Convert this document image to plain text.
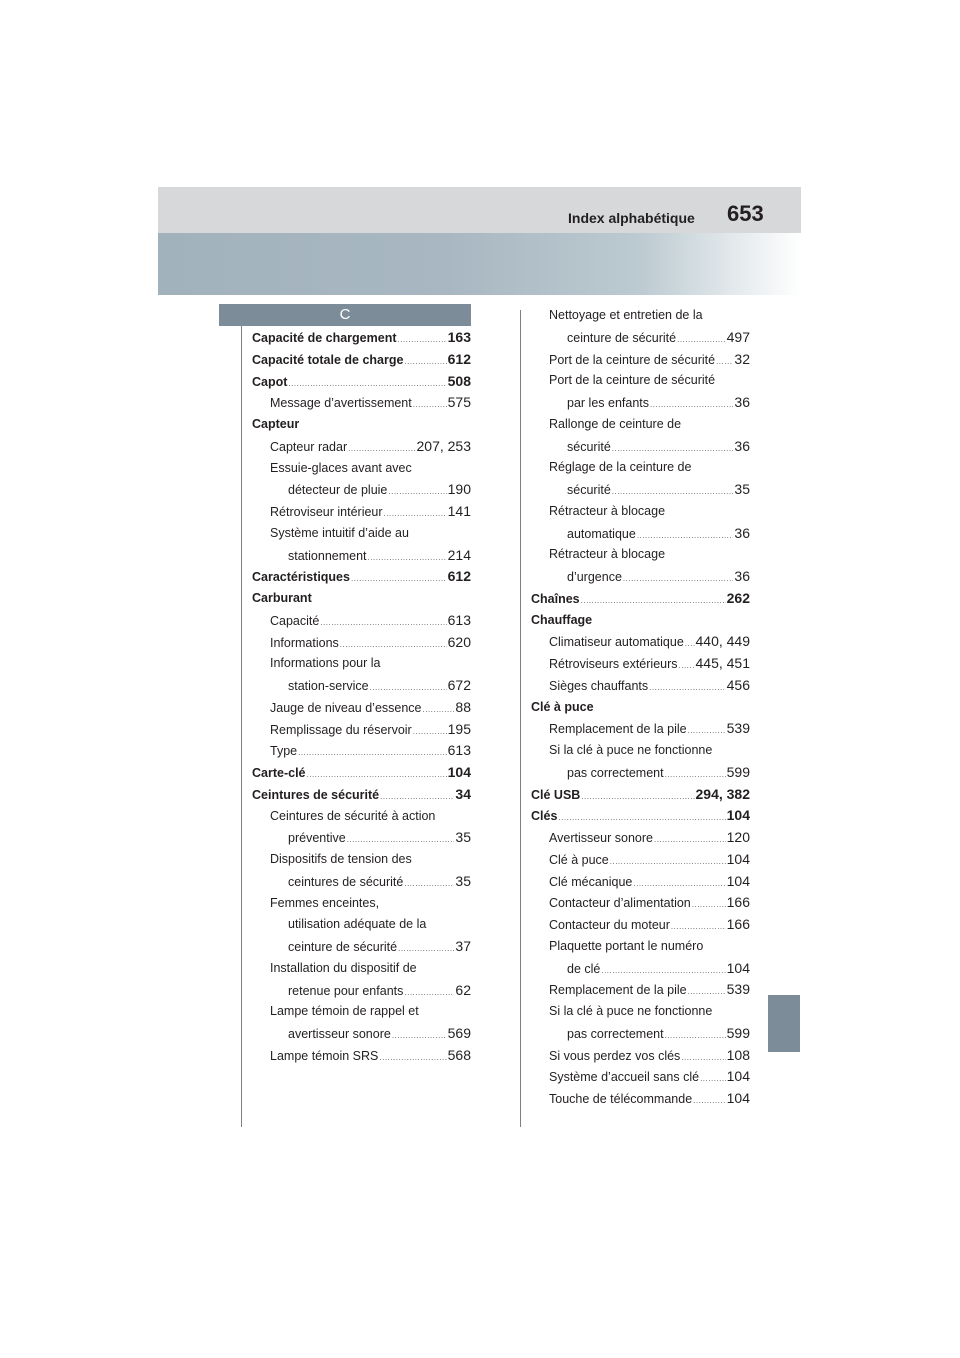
Index alphabétique 653
C
Capacité de chargement .....	163
Capacité totale de charge .....	612
Capot .....	508
Message d’avertissement .....	575
Capteur
Capteur radar .....	207, 253
Essuie-glaces avant avec
détecteur de pluie .....	190
Rétroviseur intérieur .....	141
Système intuitif d’aide au
stationnement .....	214
Caractéristiques .....	612
Carburant
Capacité .....	613
Informations .....	620
Informations pour la
station-service .....	672
Jauge de niveau d’essence ..... 88
Remplissage du réservoir .....	195
Type .....	613
Carte-clé .....	104
Ceintures de sécurité .....	34
Ceintures de sécurité à action
préventive .....	35
Dispositifs de tension des
ceintures de sécurité .....	35
Femmes enceintes,
utilisation adéquate de la
ceinture de sécurité .....	37
Installation du dispositif de
retenue pour enfants .....	62
Lampe témoin de rappel et
avertisseur sonore .....	569
Lampe témoin SRS .....	568
Nettoyage et entretien de la
ceinture de sécurité .....	497
Port de la ceinture de sécurité ..... 32
Port de la ceinture de sécurité
par les enfants .....	36
Rallonge de ceinture de
sécurité .....	36
Réglage de la ceinture de
sécurité .....	35
Rétracteur à blocage
automatique .....	36
Rétracteur à blocage
d’urgence .....	36
Chaînes .....	262
Chauffage
Climatiseur automatique ..... 440, 449
Rétroviseurs extérieurs ..... 445, 451
Sièges chauffants .....	456
Clé à puce
Remplacement de la pile .....	539
Si la clé à puce ne fonctionne
pas correctement .....	599
Clé USB .....	294, 382
Clés .....	104
Avertisseur sonore .....	120
Clé à puce .....	104
Clé mécanique .....	104
Contacteur d’alimentation .....	166
Contacteur du moteur .....	166
Plaquette portant le numéro
de clé .....	104
Remplacement de la pile .....	539
Si la clé à puce ne fonctionne
pas correctement .....	599
Si vous perdez vos clés .....	108
Système d’accueil sans clé ..... 104
Touche de télécommande ..... 104
